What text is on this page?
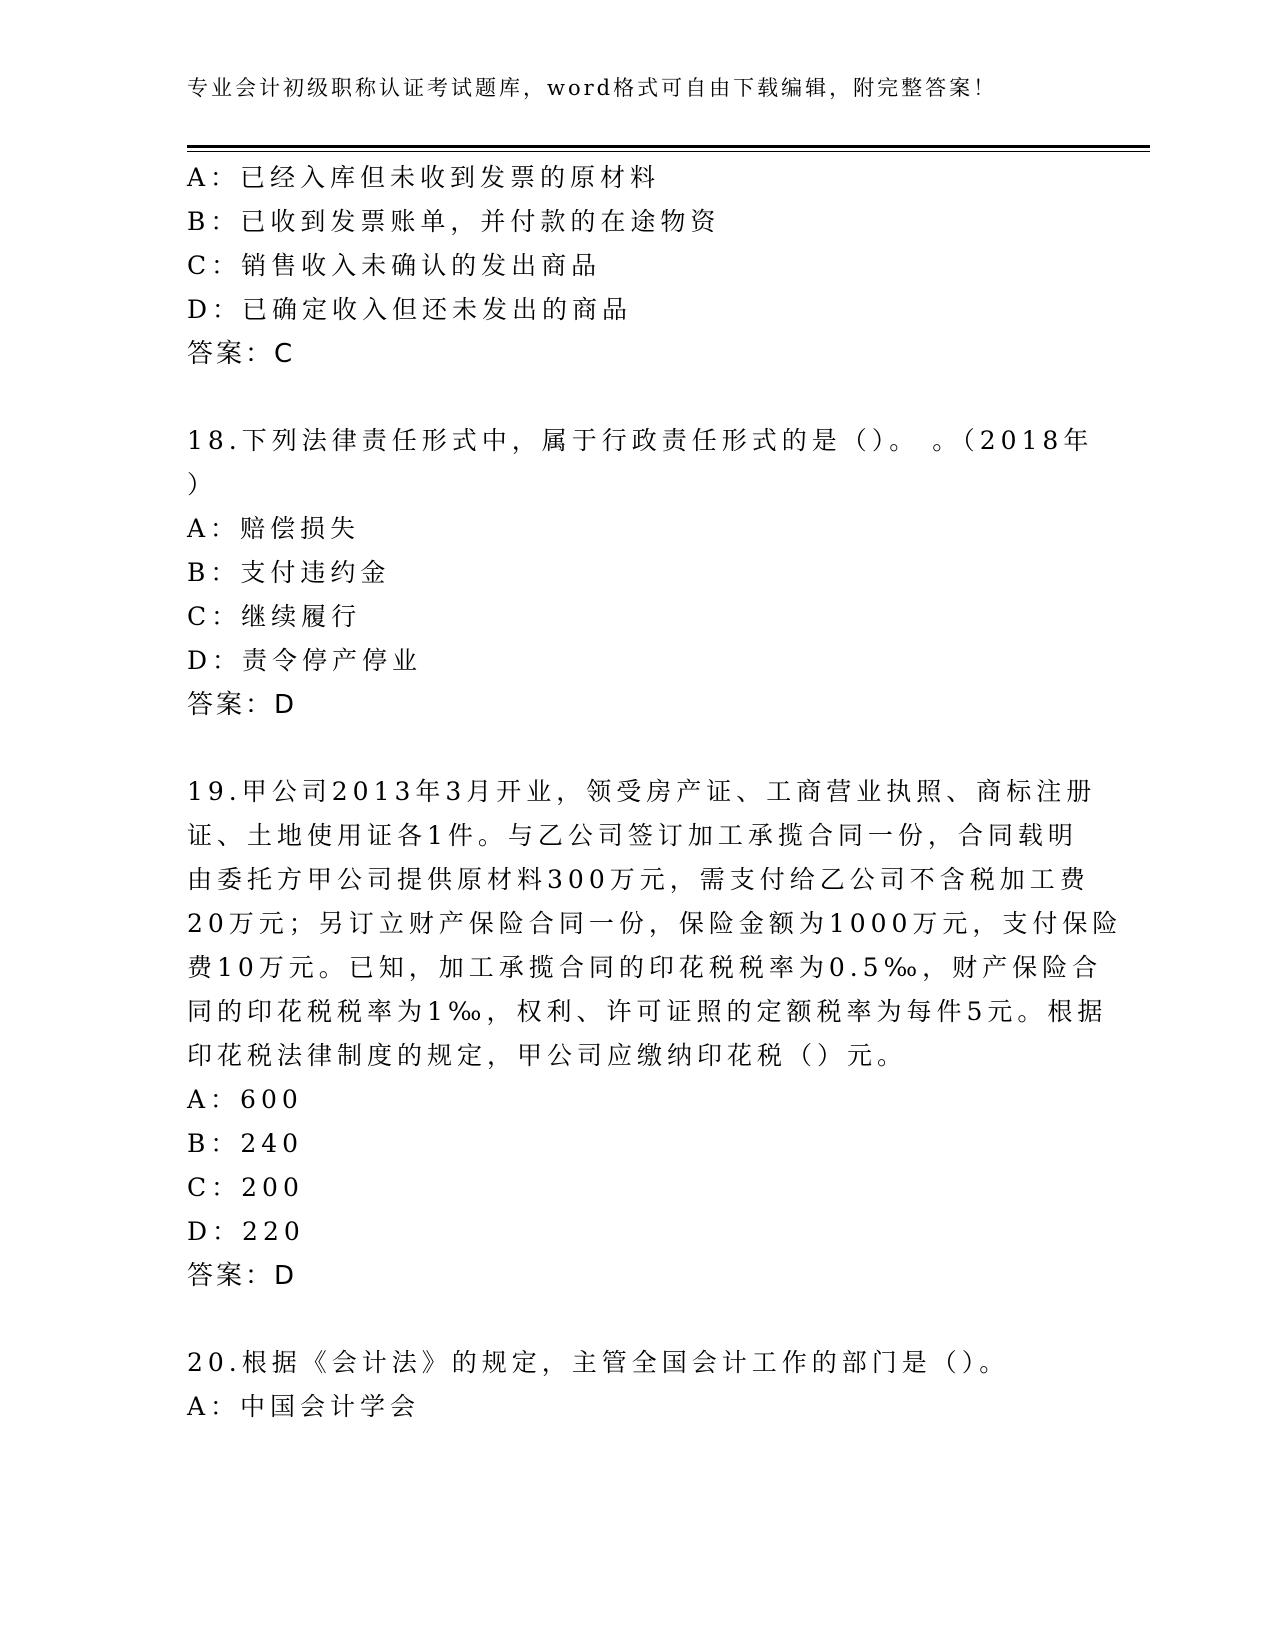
专业会计初级职称认证考试题库，word格式可自由下载编辑，附完整答案！
A：已经入库但未收到发票的原材料
B：已收到发票账单，并付款的在途物资
C：销售收入未确认的发出商品
D：已确定收入但还未发出的商品
答案：C
18.下列法律责任形式中，属于行政责任形式的是（）。 。（2018年
）
A：赔偿损失
B：支付违约金
C：继续履行
D：责令停产停业
答案：D
19.甲公司2013年3月开业，领受房产证、工商营业执照、商标注册
证、土地使用证各1件。与乙公司签订加工承揽合同一份，合同载明
由委托方甲公司提供原材料300万元，需支付给乙公司不含税加工费
20万元；另订立财产保险合同一份，保险金额为1000万元，支付保险
费10万元。已知，加工承揽合同的印花税税率为0.5‰，财产保险合
同的印花税税率为1‰，权利、许可证照的定额税率为每件5元。根据
印花税法律制度的规定，甲公司应缴纳印花税（）元。
A：600
B：240
C：200
D：220
答案：D
20.根据《会计法》的规定，主管全国会计工作的部门是（）。
A：中国会计学会
